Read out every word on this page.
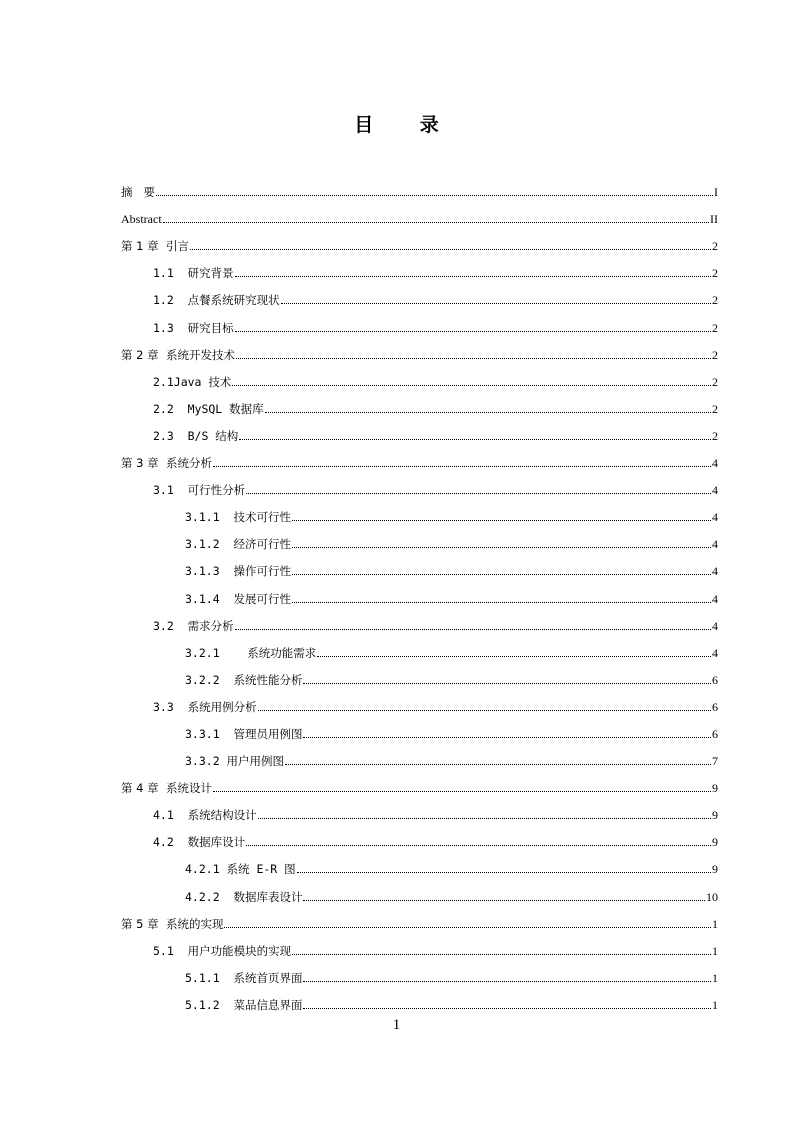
目 录
摘   要	I
Abstract	II
第 1 章  引言	2
1.1  研究背景	2
1.2  点餐系统研究现状	2
1.3  研究目标	2
第 2 章  系统开发技术	2
2.1Java 技术	2
2.2  MySQL 数据库	2
2.3  B/S 结构	2
第 3 章  系统分析	4
3.1  可行性分析	4
3.1.1  技术可行性	4
3.1.2  经济可行性	4
3.1.3  操作可行性	4
3.1.4  发展可行性	4
3.2  需求分析	4
3.2.1    系统功能需求	4
3.2.2  系统性能分析	6
3.3  系统用例分析	6
3.3.1  管理员用例图	6
3.3.2 用户用例图	7
第 4 章  系统设计	9
4.1  系统结构设计	9
4.2  数据库设计	9
4.2.1 系统 E-R 图	9
4.2.2  数据库表设计	10
第 5 章  系统的实现	1
5.1  用户功能模块的实现	1
5.1.1  系统首页界面	1
5.1.2  菜品信息界面	1
1
